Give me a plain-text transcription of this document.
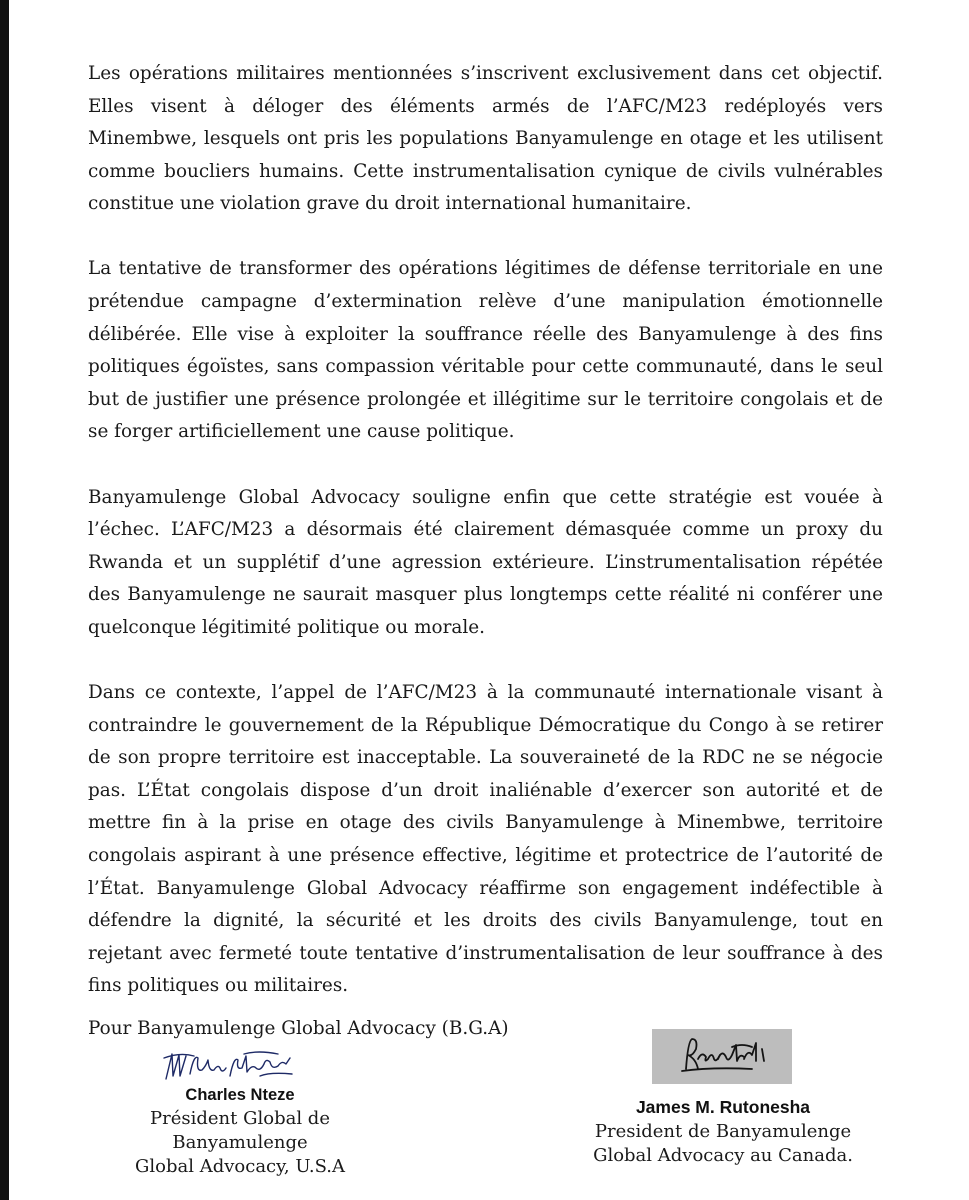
Les opérations militaires mentionnées s’inscrivent exclusivement dans cet objectif. Elles visent à déloger des éléments armés de l’AFC/M23 redéployés vers Minembwe, lesquels ont pris les populations Banyamulenge en otage et les utilisent comme boucliers humains. Cette instrumentalisation cynique de civils vulnérables constitue une violation grave du droit international humanitaire.

La tentative de transformer des opérations légitimes de défense territoriale en une prétendue campagne d’extermination relève d’une manipulation émotionnelle délibérée. Elle vise à exploiter la souffrance réelle des Banyamulenge à des fins politiques égoïstes, sans compassion véritable pour cette communauté, dans le seul but de justifier une présence prolongée et illégitime sur le territoire congolais et de se forger artificiellement une cause politique.

Banyamulenge Global Advocacy souligne enfin que cette stratégie est vouée à l’échec. L’AFC/M23 a désormais été clairement démasquée comme un proxy du Rwanda et un supplétif d’une agression extérieure. L’instrumentalisation répétée des Banyamulenge ne saurait masquer plus longtemps cette réalité ni conférer une quelconque légitimité politique ou morale.

Dans ce contexte, l’appel de l’AFC/M23 à la communauté internationale visant à contraindre le gouvernement de la République Démocratique du Congo à se retirer de son propre territoire est inacceptable. La souveraineté de la RDC ne se négocie pas. L’État congolais dispose d’un droit inaliénable d’exercer son autorité et de mettre fin à la prise en otage des civils Banyamulenge à Minembwe, territoire congolais aspirant à une présence effective, légitime et protectrice de l’autorité de l’État. Banyamulenge Global Advocacy réaffirme son engagement indéfectible à défendre la dignité, la sécurité et les droits des civils Banyamulenge, tout en rejetant avec fermeté toute tentative d’instrumentalisation de leur souffrance à des fins politiques ou militaires.

Pour Banyamulenge Global Advocacy (B.G.A)

Charles Nteze
Président Global de Banyamulenge
Global Advocacy, U.S.A
James M. Rutonesha
President de Banyamulenge
Global Advocacy au Canada.
